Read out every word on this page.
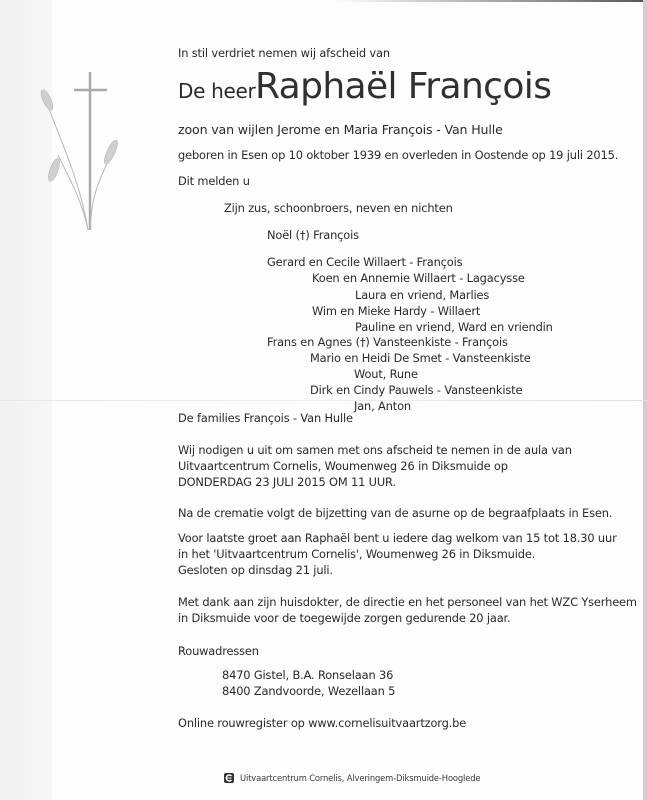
In stil verdriet nemen wij afscheid van
De heer Raphaël François
zoon van wijlen Jerome en Maria François - Van Hulle
geboren in Esen op 10 oktober 1939 en overleden in Oostende op 19 juli 2015.
Dit melden u
Zijn zus, schoonbroers, neven en nichten
Noël (†) François
Gerard en Cecile Willaert - François
Koen en Annemie Willaert - Lagacysse
Laura en vriend, Marlies
Wim en Mieke Hardy - Willaert
Pauline en vriend, Ward en vriendin
Frans en Agnes (†) Vansteenkiste - François
Mario en Heidi De Smet - Vansteenkiste
Wout, Rune
Dirk en Cindy Pauwels - Vansteenkiste
Jan, Anton
De families François - Van Hulle
Wij nodigen u uit om samen met ons afscheid te nemen in de aula van
Uitvaartcentrum Cornelis, Woumenweg 26 in Diksmuide op
DONDERDAG 23 JULI 2015 OM 11 UUR.
Na de crematie volgt de bijzetting van de asurne op de begraafplaats in Esen.
Voor laatste groet aan Raphaël bent u iedere dag welkom van 15 tot 18.30 uur
in het 'Uitvaartcentrum Cornelis', Woumenweg 26 in Diksmuide.
Gesloten op dinsdag 21 juli.
Met dank aan zijn huisdokter, de directie en het personeel van het WZC Yserheem
in Diksmuide voor de toegewijde zorgen gedurende 20 jaar.
Rouwadressen
8470 Gistel, B.A. Ronselaan 36
8400 Zandvoorde, Wezellaan 5
Online rouwregister op www.cornelisuitvaartzorg.be
Uitvaartcentrum Cornelis, Alveringem-Diksmuide-Hooglede
